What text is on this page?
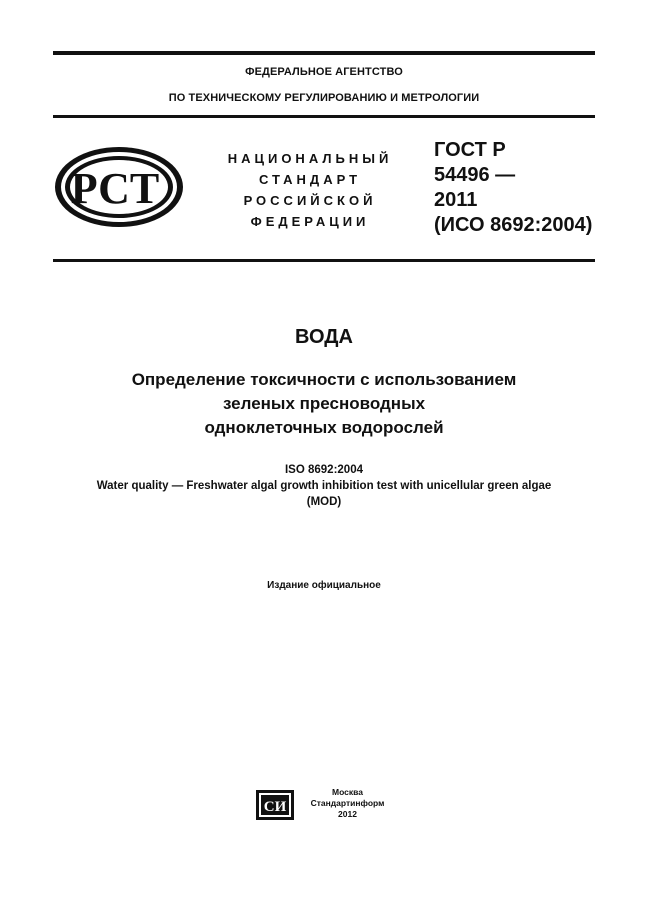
ФЕДЕРАЛЬНОЕ АГЕНТСТВО
ПО ТЕХНИЧЕСКОМУ РЕГУЛИРОВАНИЮ И МЕТРОЛОГИИ
РСТ
НАЦИОНАЛЬНЫЙ
СТАНДАРТ
РОССИЙСКОЙ
ФЕДЕРАЦИИ
ГОСТ Р
54496 —
2011
(ИСО 8692:2004)
ВОДА
Определение токсичности с использованием
зеленых пресноводных
одноклеточных водорослей
ISO 8692:2004
Water quality — Freshwater algal growth inhibition test with unicellular green algae
(MOD)
Издание официальное
СИ
Москва
Стандартинформ
2012
